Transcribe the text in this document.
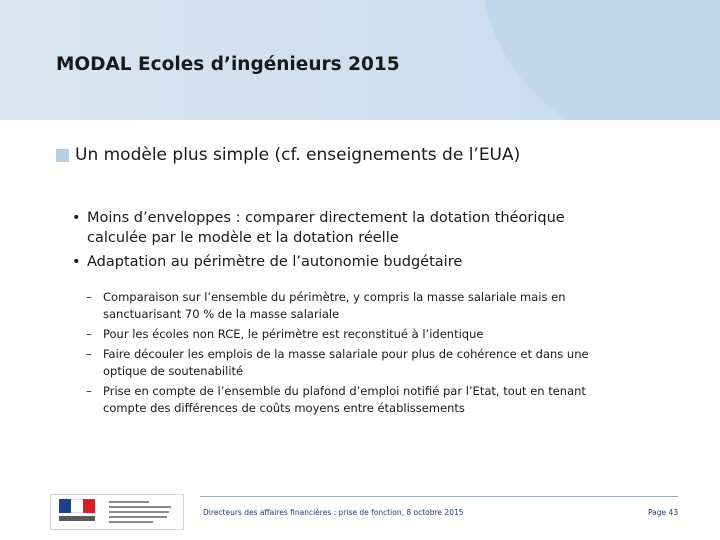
MODAL Ecoles d’ingénieurs 2015
Un modèle plus simple (cf. enseignements de l’EUA)
• Moins d’enveloppes : comparer directement la dotation théorique
calculée par le modèle et la dotation réelle
• Adaptation au périmètre de l’autonomie budgétaire
– Comparaison sur l’ensemble du périmètre, y compris la masse salariale mais en
sanctuarisant 70 % de la masse salariale
– Pour les écoles non RCE, le périmètre est reconstitué à l’identique
– Faire découler les emplois de la masse salariale pour plus de cohérence et dans une
optique de soutenabilité
– Prise en compte de l’ensemble du plafond d’emploi notifié par l’Etat, tout en tenant
compte des différences de coûts moyens entre établissements
Directeurs des affaires financières : prise de fonction, 8 octobre 2015	Page 43
